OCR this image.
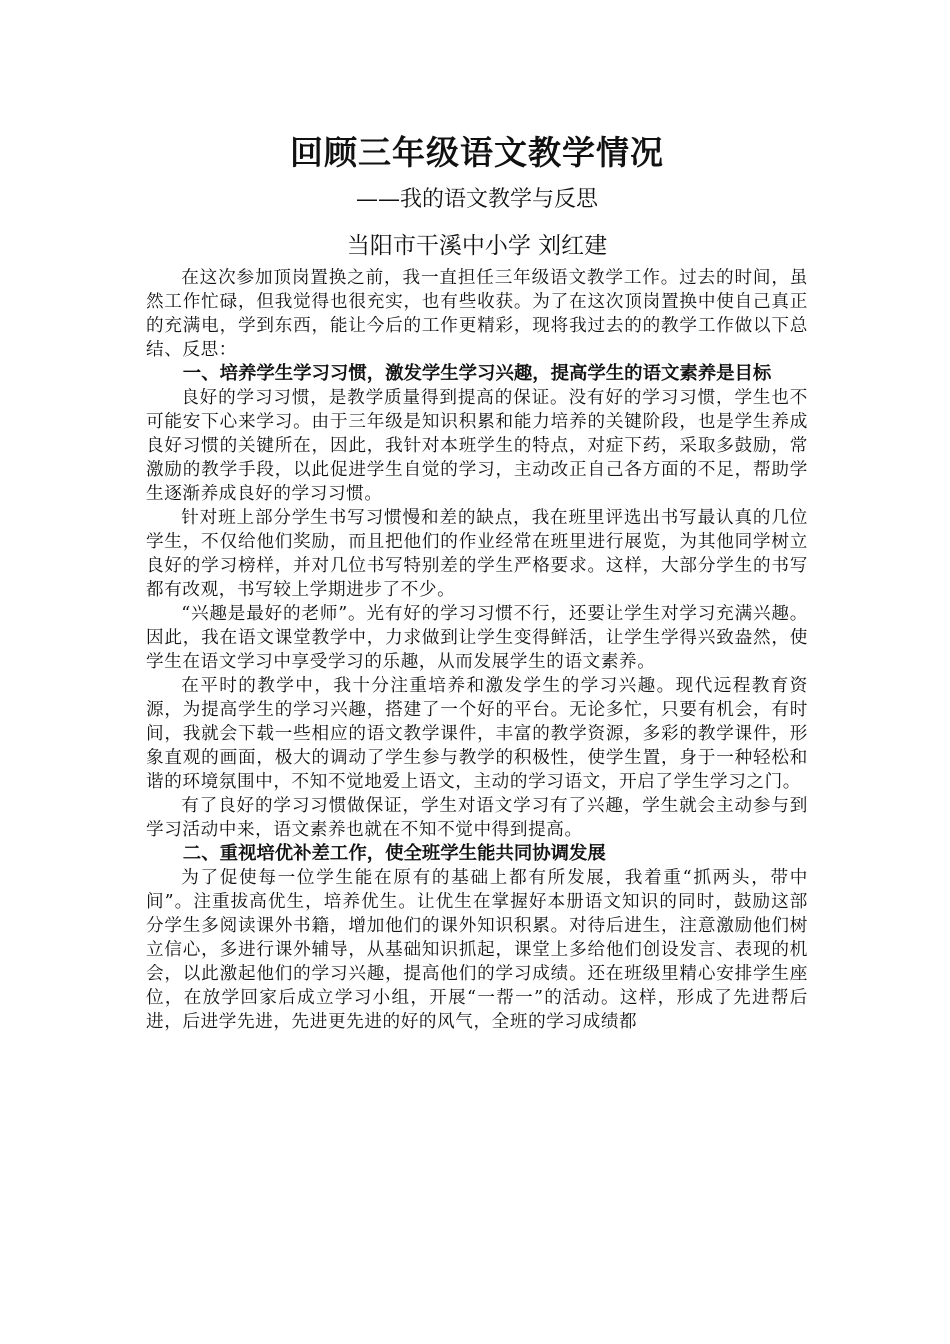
回顾三年级语文教学情况

——我的语文教学与反思

当阳市干溪中小学 刘红建

在这次参加顶岗置换之前，我一直担任三年级语文教学工作。过去的时间，虽然工作忙碌，但我觉得也很充实，也有些收获。为了在这次顶岗置换中使自己真正的充满电，学到东西，能让今后的工作更精彩，现将我过去的的教学工作做以下总结、反思：

一、培养学生学习习惯，激发学生学习兴趣，提高学生的语文素养是目标

良好的学习习惯，是教学质量得到提高的保证。没有好的学习习惯，学生也不可能安下心来学习。由于三年级是知识积累和能力培养的关键阶段，也是学生养成良好习惯的关键所在，因此，我针对本班学生的特点，对症下药，采取多鼓励，常激励的教学手段，以此促进学生自觉的学习，主动改正自己各方面的不足，帮助学生逐渐养成良好的学习习惯。

针对班上部分学生书写习惯慢和差的缺点，我在班里评选出书写最认真的几位学生，不仅给他们奖励，而且把他们的作业经常在班里进行展览，为其他同学树立良好的学习榜样，并对几位书写特别差的学生严格要求。这样，大部分学生的书写都有改观，书写较上学期进步了不少。

“兴趣是最好的老师”。光有好的学习习惯不行，还要让学生对学习充满兴趣。因此，我在语文课堂教学中，力求做到让学生变得鲜活，让学生学得兴致盎然，使学生在语文学习中享受学习的乐趣，从而发展学生的语文素养。

在平时的教学中，我十分注重培养和激发学生的学习兴趣。现代远程教育资源，为提高学生的学习兴趣，搭建了一个好的平台。无论多忙，只要有机会，有时间，我就会下载一些相应的语文教学课件，丰富的教学资源，多彩的教学课件，形象直观的画面，极大的调动了学生参与教学的积极性，使学生置，身于一种轻松和谐的环境氛围中，不知不觉地爱上语文，主动的学习语文，开启了学生学习之门。

有了良好的学习习惯做保证，学生对语文学习有了兴趣，学生就会主动参与到学习活动中来，语文素养也就在不知不觉中得到提高。

二、重视培优补差工作，使全班学生能共同协调发展

为了促使每一位学生能在原有的基础上都有所发展，我着重“抓两头，带中间”。注重拔高优生，培养优生。让优生在掌握好本册语文知识的同时，鼓励这部分学生多阅读课外书籍，增加他们的课外知识积累。对待后进生，注意激励他们树立信心，多进行课外辅导，从基础知识抓起，课堂上多给他们创设发言、表现的机会，以此激起他们的学习兴趣，提高他们的学习成绩。还在班级里精心安排学生座位，在放学回家后成立学习小组，开展“一帮一”的活动。这样，形成了先进帮后进，后进学先进，先进更先进的好的风气，全班的学习成绩都
